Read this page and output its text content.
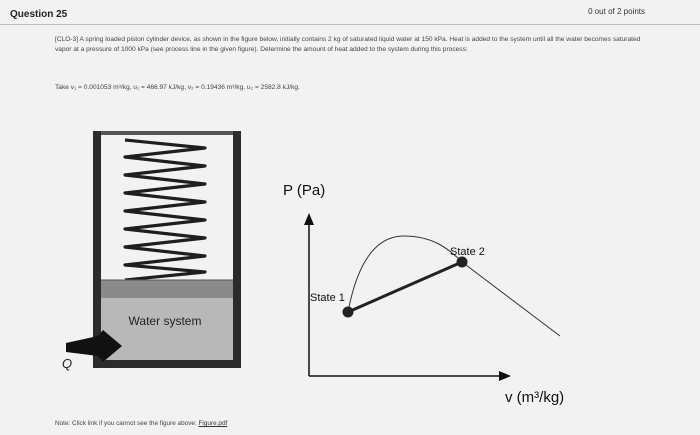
Question 25	0 out of 2 points
[CLO-3] A spring loaded piston cylinder device, as shown in the figure below, initially contains 2 kg of saturated liquid water at 150 kPa. Heat is added to the system until all the water becomes saturated vapor at a pressure of 1000 kPa (see process line in the given figure). Determine the amount of heat added to the system during this process:
Take v₁ = 0.001053 m³/kg, u₁ = 466.97 kJ/kg, v₂ = 0.19436 m³/kg, u₂ = 2582.8 kJ/kg.
Water system
Q
P (Pa)
v (m³/kg)
State 1
State 2
Note: Click link if you cannot see the figure above: Figure.pdf
